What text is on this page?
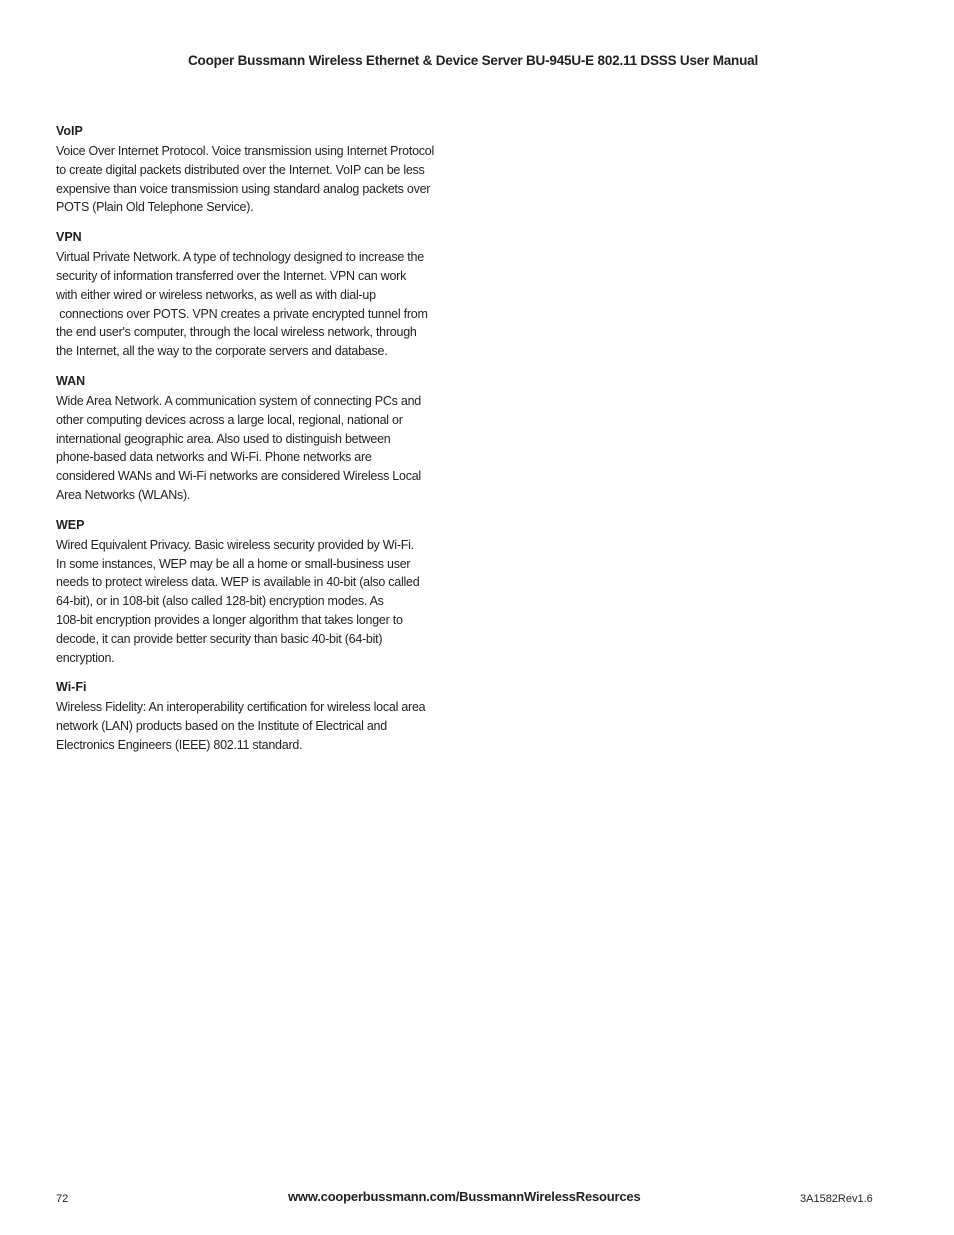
Cooper Bussmann Wireless Ethernet & Device Server BU-945U-E 802.11 DSSS User Manual
VoIP
Voice Over Internet Protocol. Voice transmission using Internet Protocol
to create digital packets distributed over the Internet. VoIP can be less
expensive than voice transmission using standard analog packets over
POTS (Plain Old Telephone Service).
VPN
Virtual Private Network. A type of technology designed to increase the
security of information transferred over the Internet. VPN can work
with either wired or wireless networks, as well as with dial-up
connections over POTS. VPN creates a private encrypted tunnel from
the end user's computer, through the local wireless network, through
the Internet, all the way to the corporate servers and database.
WAN
Wide Area Network. A communication system of connecting PCs and
other computing devices across a large local, regional, national or
international geographic area. Also used to distinguish between
phone-based data networks and Wi-Fi. Phone networks are
considered WANs and Wi-Fi networks are considered Wireless Local
Area Networks (WLANs).
WEP
Wired Equivalent Privacy. Basic wireless security provided by Wi-Fi.
In some instances, WEP may be all a home or small-business user
needs to protect wireless data. WEP is available in 40-bit (also called
64-bit), or in 108-bit (also called 128-bit) encryption modes. As
108-bit encryption provides a longer algorithm that takes longer to
decode, it can provide better security than basic 40-bit (64-bit)
encryption.
Wi-Fi
Wireless Fidelity: An interoperability certification for wireless local area
network (LAN) products based on the Institute of Electrical and
Electronics Engineers (IEEE) 802.11 standard.
72	www.cooperbussmann.com/BussmannWirelessResources	3A1582Rev1.6
